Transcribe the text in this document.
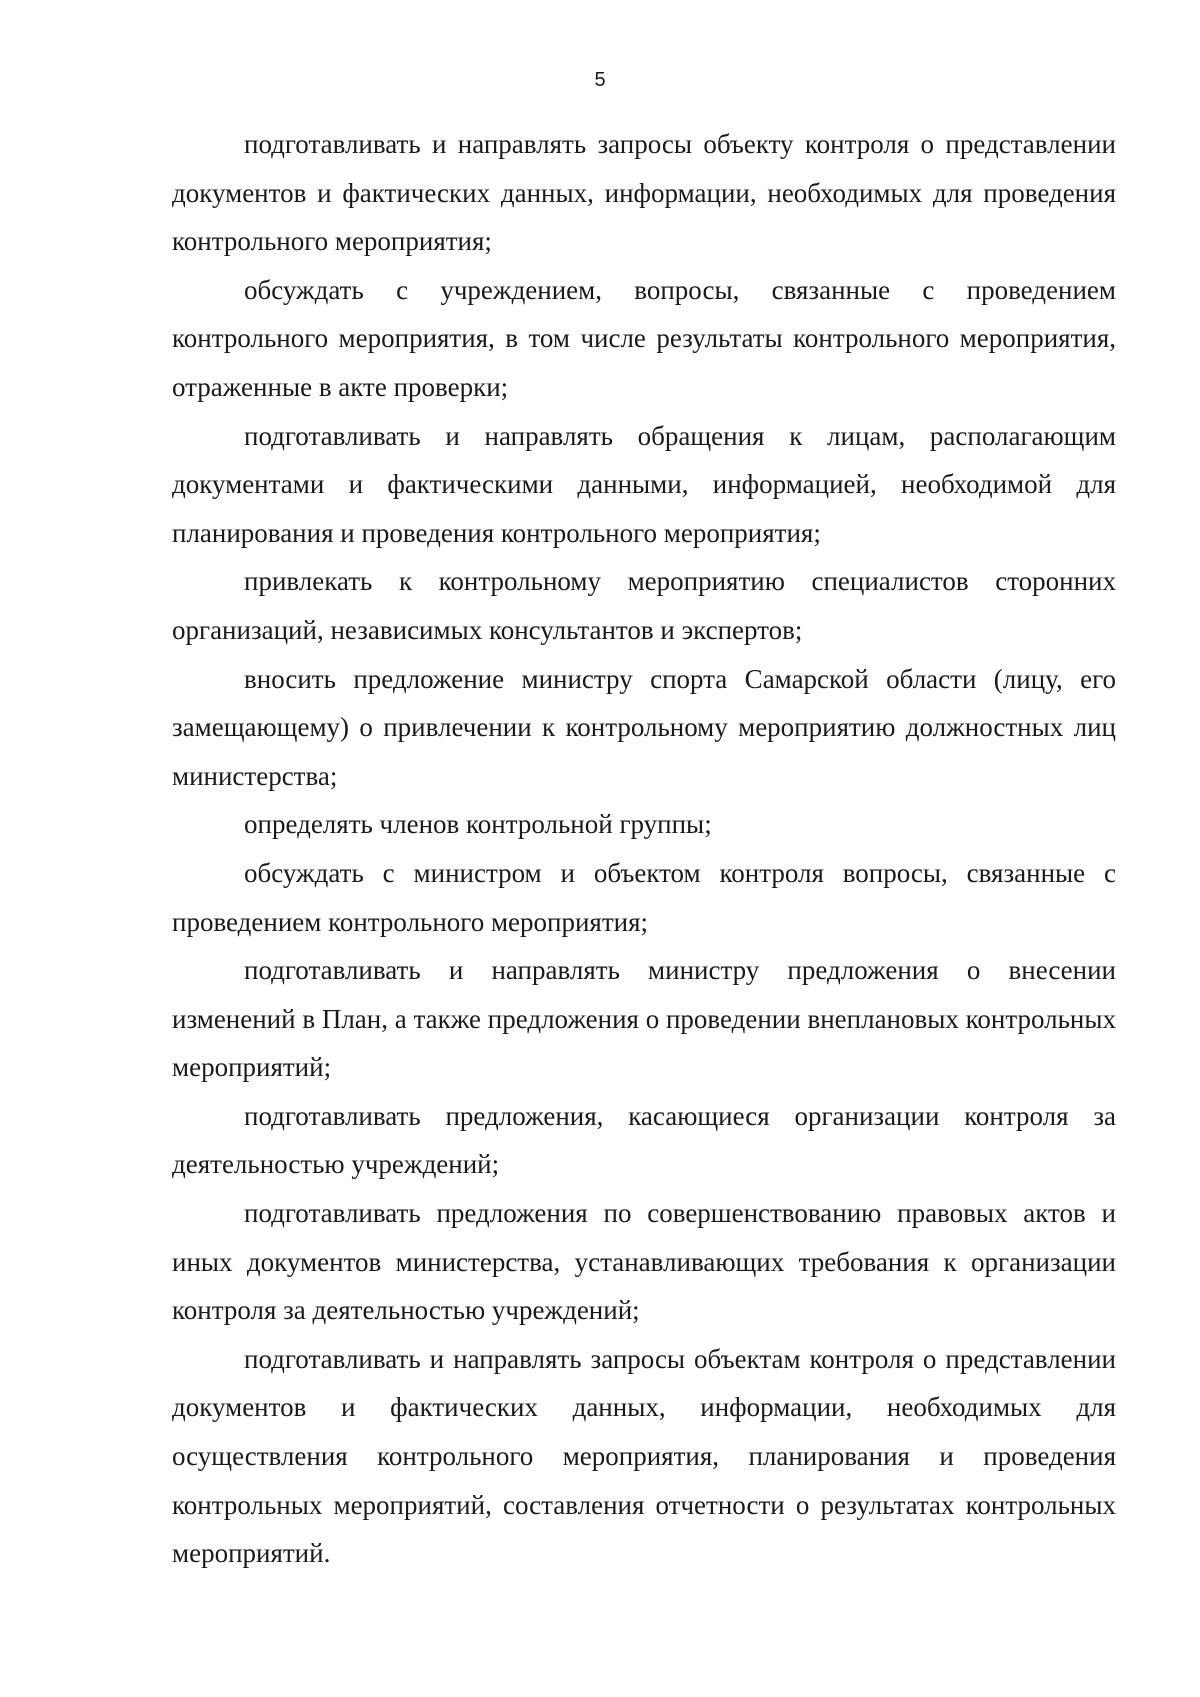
5

подготавливать и направлять запросы объекту контроля о представлении документов и фактических данных, информации, необходимых для проведения контрольного мероприятия;

обсуждать с учреждением, вопросы, связанные с проведением контрольного мероприятия, в том числе результаты контрольного мероприятия, отраженные в акте проверки;

подготавливать и направлять обращения к лицам, располагающим документами и фактическими данными, информацией, необходимой для планирования и проведения контрольного мероприятия;

привлекать к контрольному мероприятию специалистов сторонних организаций, независимых консультантов и экспертов;

вносить предложение министру спорта Самарской области (лицу, его замещающему) о привлечении к контрольному мероприятию должностных лиц министерства;

определять членов контрольной группы;

обсуждать с министром и объектом контроля вопросы, связанные с проведением контрольного мероприятия;

подготавливать и направлять министру предложения о внесении изменений в План, а также предложения о проведении внеплановых контрольных мероприятий;

подготавливать предложения, касающиеся организации контроля за деятельностью учреждений;

подготавливать предложения по совершенствованию правовых актов и иных документов министерства, устанавливающих требования к организации контроля за деятельностью учреждений;

подготавливать и направлять запросы объектам контроля о представлении документов и фактических данных, информации, необходимых для осуществления контрольного мероприятия, планирования и проведения контрольных мероприятий, составления отчетности о результатах контрольных мероприятий.
